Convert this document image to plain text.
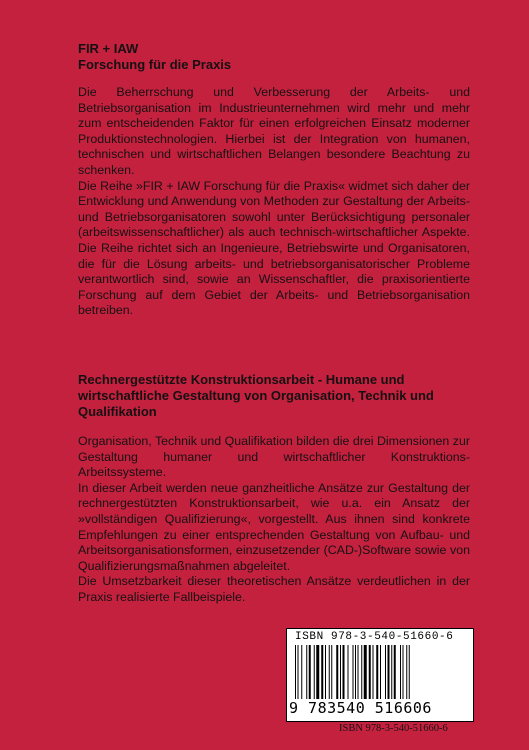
FIR + IAW
Forschung für die Praxis

Die Beherrschung und Verbesserung der Arbeits- und Betriebsorganisation im Industrieunternehmen wird mehr und mehr zum entscheidenden Faktor für einen erfolgreichen Einsatz moderner Produktionstechnologien. Hierbei ist der Integration von humanen, technischen und wirtschaftlichen Belangen besondere Beachtung zu schenken.

Die Reihe »FIR + IAW Forschung für die Praxis« widmet sich daher der Entwicklung und Anwendung von Methoden zur Gestaltung der Arbeits- und Betriebsorganisatoren sowohl unter Berücksichtigung personaler (arbeitswissenschaftlicher) als auch technisch-wirtschaftlicher Aspekte. Die Reihe richtet sich an Ingenieure, Betriebswirte und Organisatoren, die für die Lösung arbeits- und betriebsorganisatorischer Probleme verantwortlich sind, sowie an Wissenschaftler, die praxisorientierte Forschung auf dem Gebiet der Arbeits- und Betriebsorganisation betreiben.

Rechnergestützte Konstruktionsarbeit - Humane und wirtschaftliche Gestaltung von Organisation, Technik und Qualifikation

Organisation, Technik und Qualifikation bilden die drei Dimensionen zur Gestaltung humaner und wirtschaftlicher Konstruktions-Arbeitssysteme.

In dieser Arbeit werden neue ganzheitliche Ansätze zur Gestaltung der rechnergestützten Konstruktionsarbeit, wie u.a. ein Ansatz der »vollständigen Qualifizierung«, vorgestellt. Aus ihnen sind konkrete Empfehlungen zu einer entsprechenden Gestaltung von Aufbau- und Arbeitsorganisationsformen, einzusetzender (CAD-)Software sowie von Qualifizierungsmaßnahmen abgeleitet.

Die Umsetzbarkeit dieser theoretischen Ansätze verdeutlichen in der Praxis realisierte Fallbeispiele.

ISBN 978-3-540-51660-6
9 783540 516606
ISBN 978-3-540-51660-6
